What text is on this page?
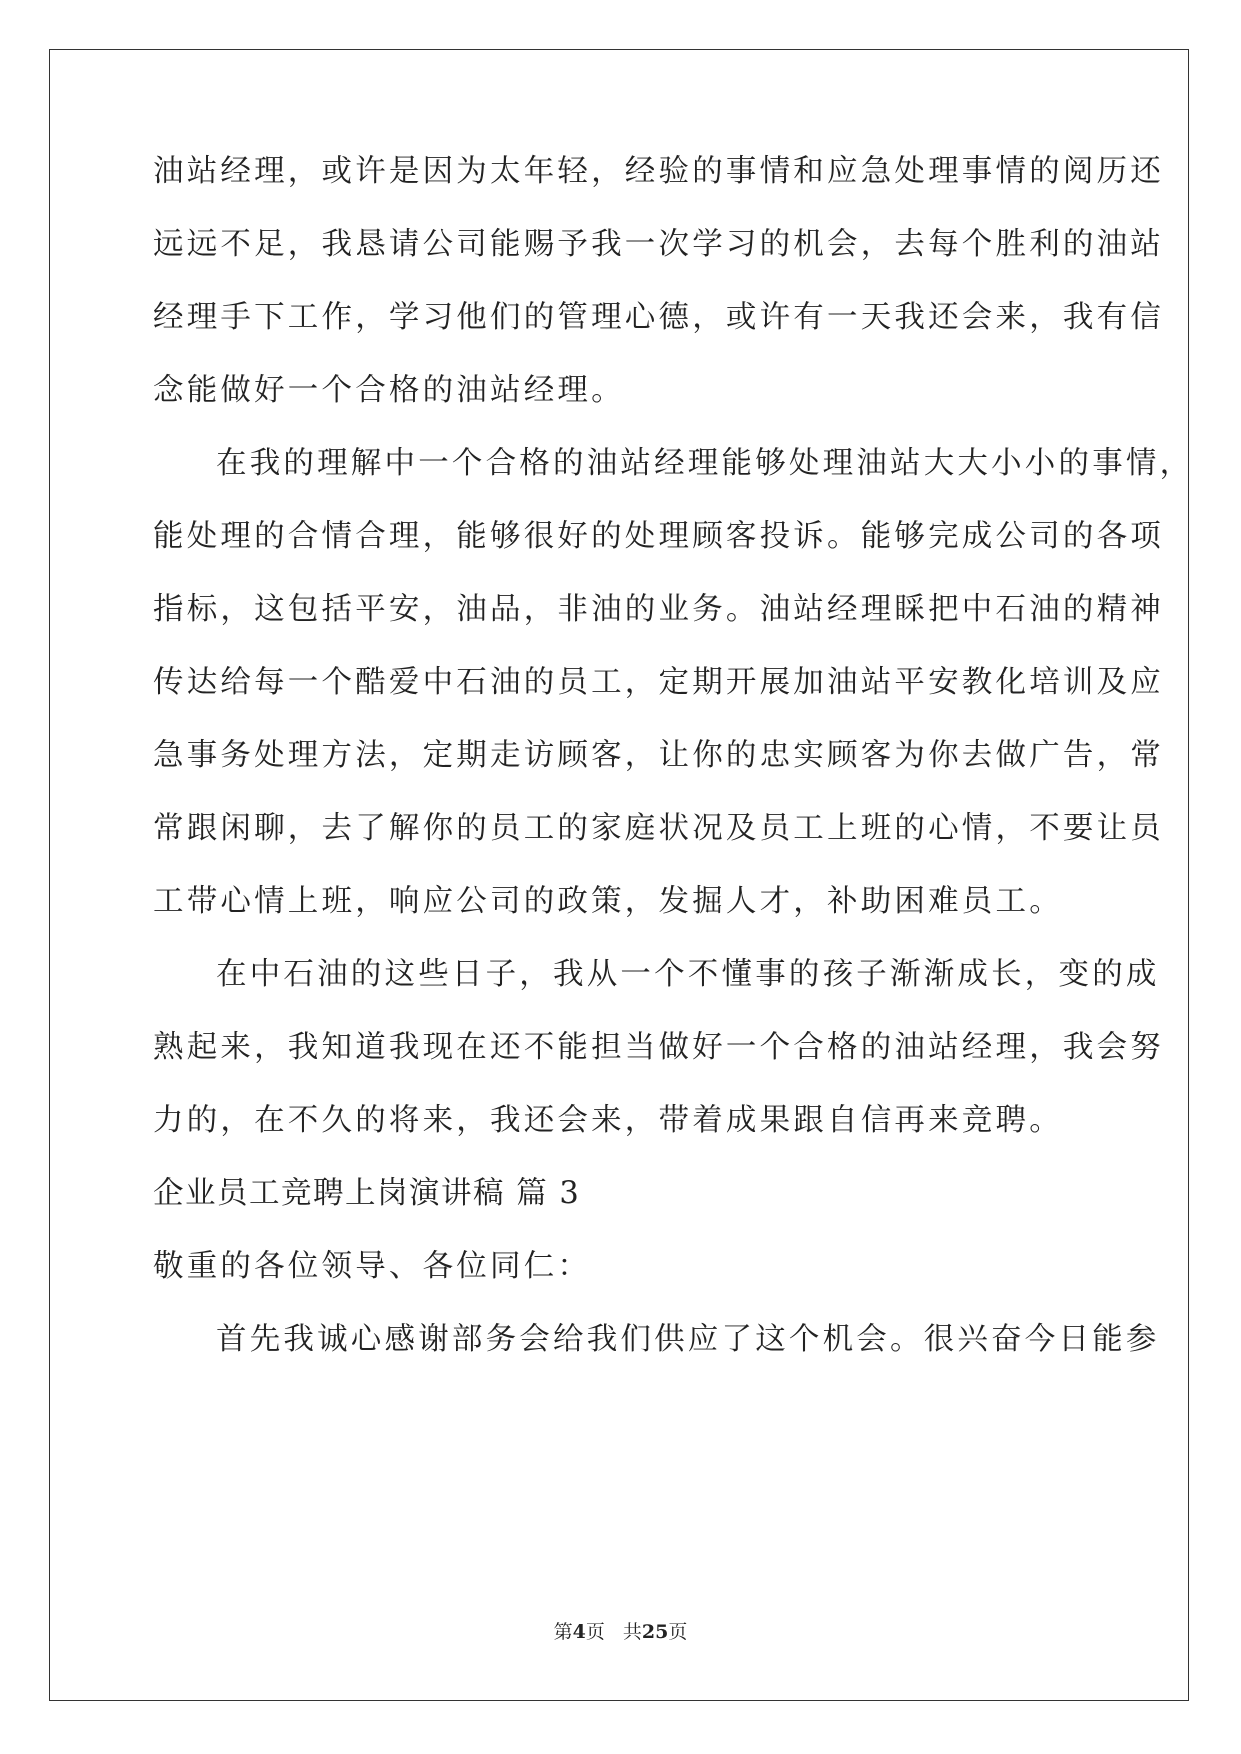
油站经理，或许是因为太年轻，经验的事情和应急处理事情的阅历还
远远不足，我恳请公司能赐予我一次学习的机会，去每个胜利的油站
经理手下工作，学习他们的管理心德，或许有一天我还会来，我有信
念能做好一个合格的油站经理。
在我的理解中一个合格的油站经理能够处理油站大大小小的事情，
能处理的合情合理，能够很好的处理顾客投诉。能够完成公司的各项
指标，这包括平安，油品，非油的业务。油站经理睬把中石油的精神
传达给每一个酷爱中石油的员工，定期开展加油站平安教化培训及应
急事务处理方法，定期走访顾客，让你的忠实顾客为你去做广告，常
常跟闲聊，去了解你的员工的家庭状况及员工上班的心情，不要让员
工带心情上班，响应公司的政策，发掘人才，补助困难员工。
在中石油的这些日子，我从一个不懂事的孩子渐渐成长，变的成
熟起来，我知道我现在还不能担当做好一个合格的油站经理，我会努
力的，在不久的将来，我还会来，带着成果跟自信再来竞聘。
企业员工竞聘上岗演讲稿 篇 3
敬重的各位领导、各位同仁：
首先我诚心感谢部务会给我们供应了这个机会。很兴奋今日能参
第4页 共25页
